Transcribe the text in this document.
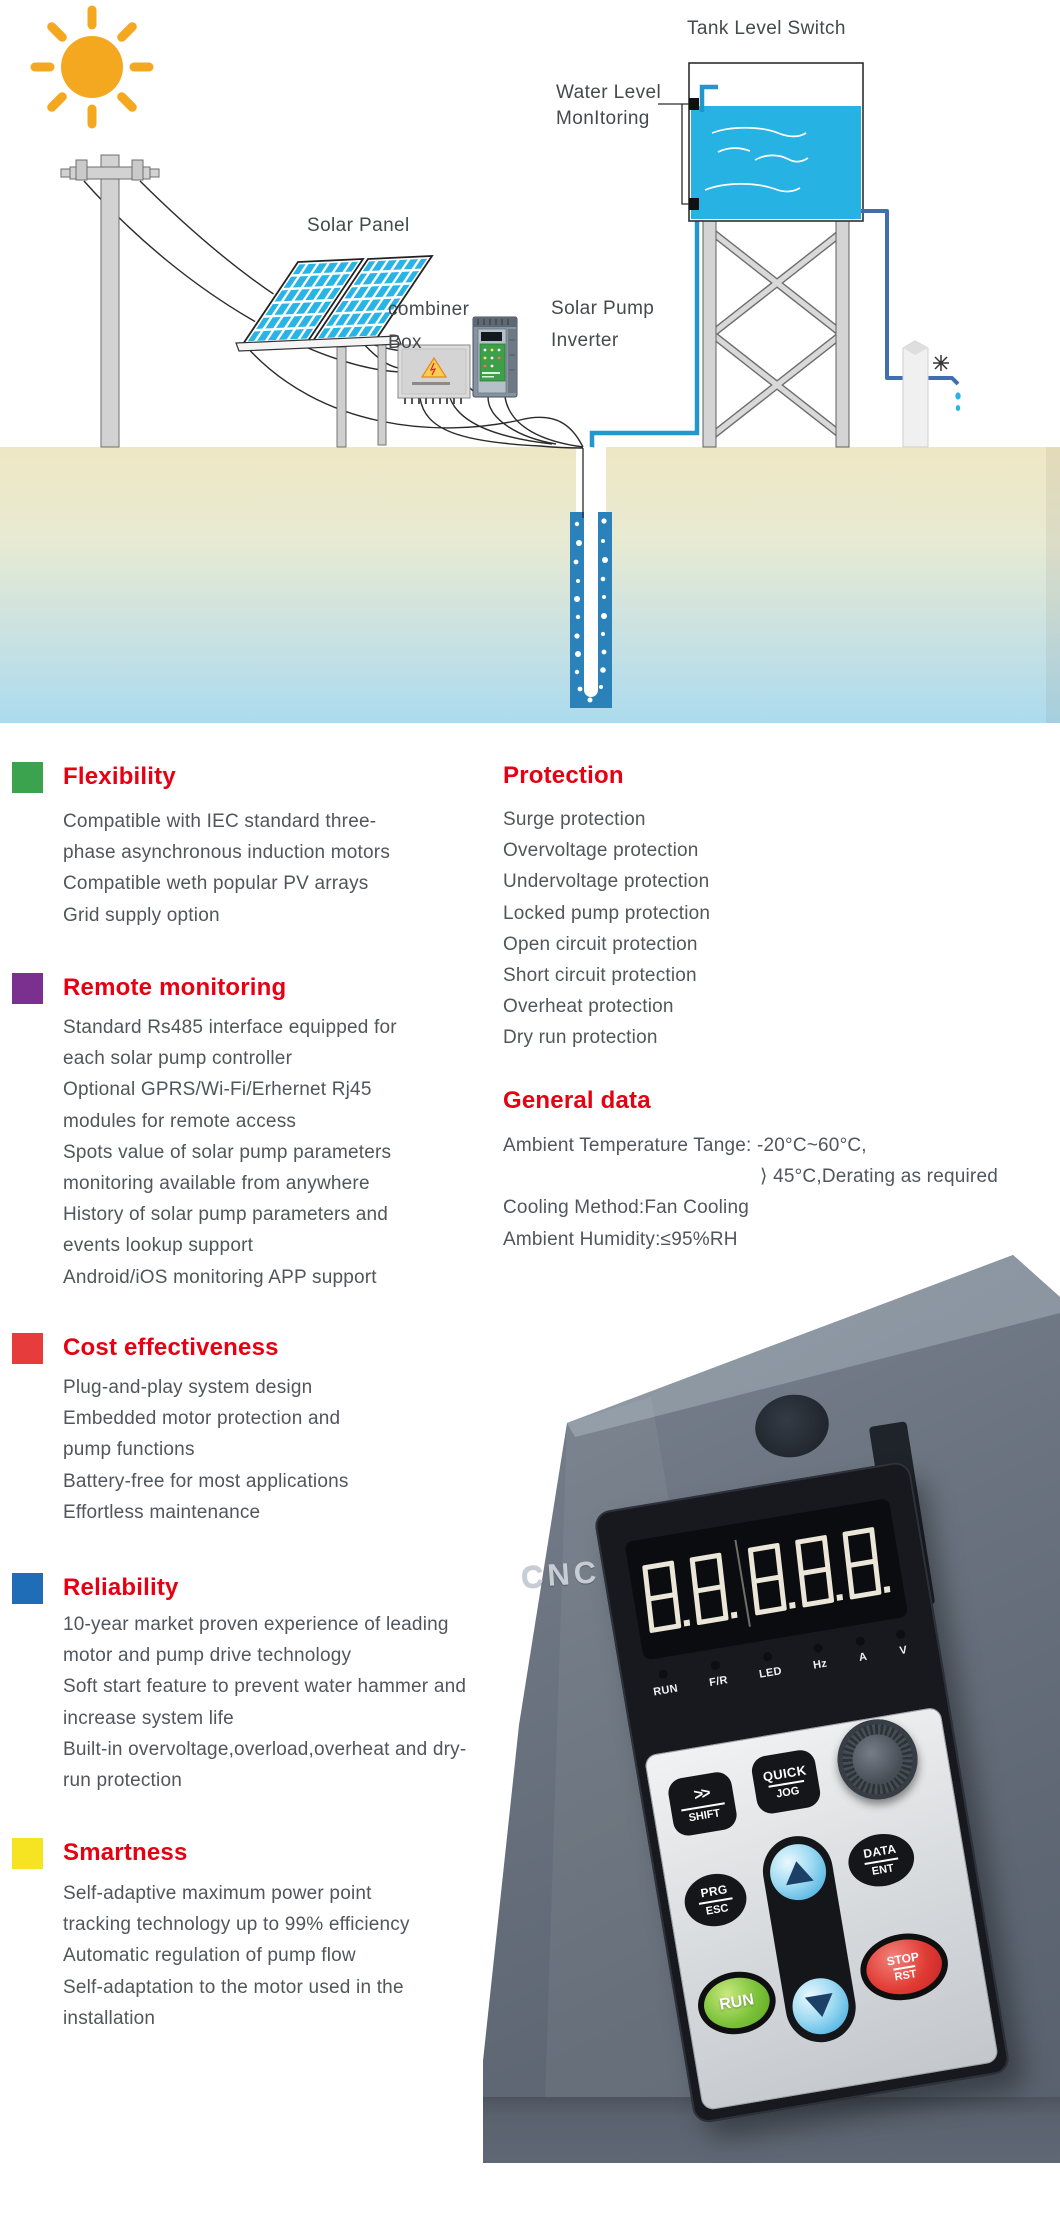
Solar Panel
combiner
Box
Solar Pump
Inverter
Water Level
MonItoring
Tank Level Switch
Flexibility
Compatible with IEC standard three-
phase asynchronous induction motors
Compatible weth popular PV arrays
Grid supply option
Remote monitoring
Standard Rs485 interface equipped for
each solar pump controller
Optional GPRS/Wi-Fi/Erhernet Rj45
modules for remote access
Spots value of solar pump parameters
monitoring available from anywhere
History of solar pump parameters and
events lookup support
Android/iOS monitoring APP support
Cost effectiveness
Plug-and-play system design
Embedded motor protection and
pump functions
Battery-free for most applications
Effortless maintenance
Reliability
10-year market proven experience of leading
motor and pump drive technology
Soft start feature to prevent water hammer and
increase system life
Built-in overvoltage,overload,overheat and dry-
run protection
Smartness
Self-adaptive maximum power point
tracking technology up to 99% efficiency
Automatic regulation of pump flow
Self-adaptation to the motor used in the
installation
Protection
Surge protection
Overvoltage protection
Undervoltage protection
Locked pump protection
Open circuit protection
Short circuit protection
Overheat protection
Dry run protection
General data
Ambient Temperature Tange: -20°C~60°C,
⟩ 45°C,Derating as required
Cooling Method:Fan Cooling
Ambient Humidity:≤95%RH
CNC
RUN
F/R
LED
Hz
A
V
>>
SHIFT
QUICK
JOG
PRG
ESC
DATA
ENT
RUN
STOP
RST
